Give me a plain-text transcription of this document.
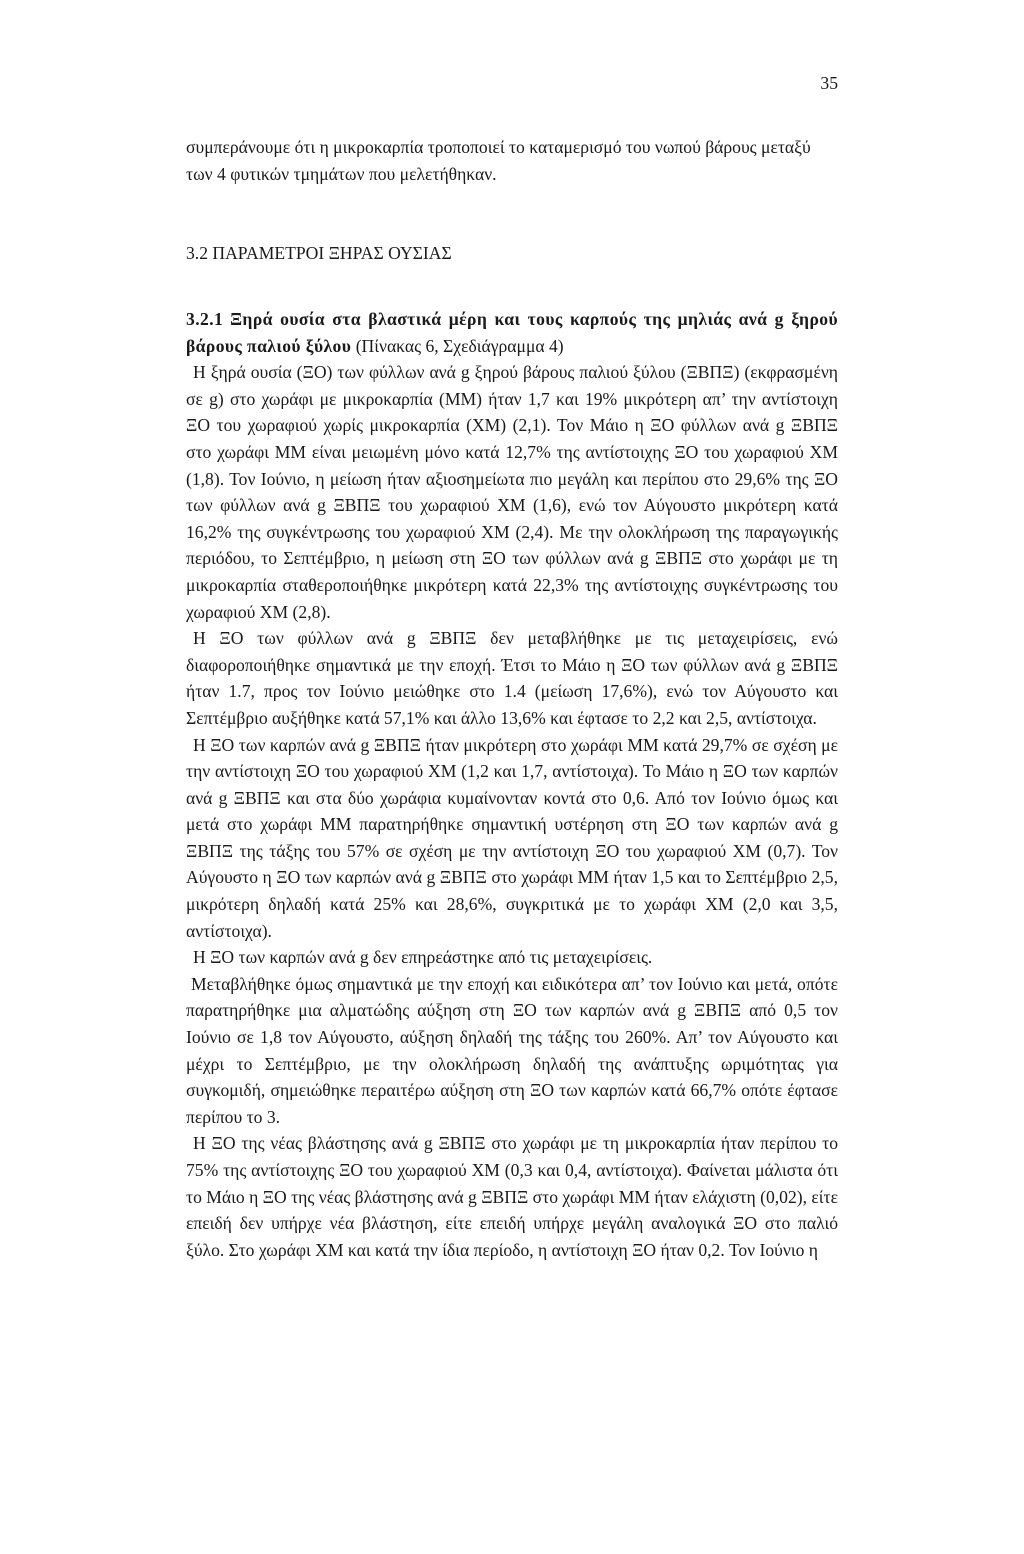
35

συμπεράνουμε ότι η μικροκαρπία τροποποιεί το καταμερισμό του νωπού βάρους μεταξύ των 4 φυτικών τμημάτων που μελετήθηκαν.

3.2 ΠΑΡΑΜΕΤΡΟΙ ΞΗΡΑΣ ΟΥΣΙΑΣ

3.2.1 Ξηρά ουσία στα βλαστικά μέρη και τους καρπούς της μηλιάς ανά g ξηρού βάρους παλιού ξύλου (Πίνακας 6, Σχεδιάγραμμα 4)

Η ξηρά ουσία (ΞΟ) των φύλλων ανά g ξηρού βάρους παλιού ξύλου (ΞΒΠΞ) (εκφρασμένη σε g) στο χωράφι με μικροκαρπία (ΜΜ) ήταν 1,7 και 19% μικρότερη απ’ την αντίστοιχη ΞΟ του χωραφιού χωρίς μικροκαρπία (ΧΜ) (2,1). Τον Μάιο η ΞΟ φύλλων ανά g ΞΒΠΞ στο χωράφι ΜΜ είναι μειωμένη μόνο κατά 12,7% της αντίστοιχης ΞΟ του χωραφιού ΧΜ (1,8). Τον Ιούνιο, η μείωση ήταν αξιοσημείωτα πιο μεγάλη και περίπου στο 29,6% της ΞΟ των φύλλων ανά g ΞΒΠΞ του χωραφιού ΧΜ (1,6), ενώ τον Αύγουστο μικρότερη κατά 16,2% της συγκέντρωσης του χωραφιού ΧΜ (2,4). Με την ολοκλήρωση της παραγωγικής περιόδου, το Σεπτέμβριο, η μείωση στη ΞΟ των φύλλων ανά g ΞΒΠΞ στο χωράφι με τη μικροκαρπία σταθεροποιήθηκε μικρότερη κατά 22,3% της αντίστοιχης συγκέντρωσης του χωραφιού ΧΜ (2,8).

Η ΞΟ των φύλλων ανά g ΞΒΠΞ δεν μεταβλήθηκε με τις μεταχειρίσεις, ενώ διαφοροποιήθηκε σημαντικά με την εποχή. Έτσι το Μάιο η ΞΟ των φύλλων ανά g ΞΒΠΞ ήταν 1.7, προς τον Ιούνιο μειώθηκε στο 1.4 (μείωση 17,6%), ενώ τον Αύγουστο και Σεπτέμβριο αυξήθηκε κατά 57,1% και άλλο 13,6% και έφτασε το 2,2 και 2,5, αντίστοιχα.

Η ΞΟ των καρπών ανά g ΞΒΠΞ ήταν μικρότερη στο χωράφι ΜΜ κατά 29,7% σε σχέση με την αντίστοιχη ΞΟ του χωραφιού ΧΜ (1,2 και 1,7, αντίστοιχα). Το Μάιο η ΞΟ των καρπών ανά g ΞΒΠΞ και στα δύο χωράφια κυμαίνονταν κοντά στο 0,6. Από τον Ιούνιο όμως και μετά στο χωράφι ΜΜ παρατηρήθηκε σημαντική υστέρηση στη ΞΟ των καρπών ανά g ΞΒΠΞ της τάξης του 57% σε σχέση με την αντίστοιχη ΞΟ του χωραφιού ΧΜ (0,7). Τον Αύγουστο η ΞΟ των καρπών ανά g ΞΒΠΞ στο χωράφι ΜΜ ήταν 1,5 και το Σεπτέμβριο 2,5, μικρότερη δηλαδή κατά 25% και 28,6%, συγκριτικά με το χωράφι ΧΜ (2,0 και 3,5, αντίστοιχα).

Η ΞΟ των καρπών ανά g δεν επηρεάστηκε από τις μεταχειρίσεις.

Μεταβλήθηκε όμως σημαντικά με την εποχή και ειδικότερα απ’ τον Ιούνιο και μετά, οπότε παρατηρήθηκε μια αλματώδης αύξηση στη ΞΟ των καρπών ανά g ΞΒΠΞ από 0,5 τον Ιούνιο σε 1,8 τον Αύγουστο, αύξηση δηλαδή της τάξης του 260%. Απ’ τον Αύγουστο και μέχρι το Σεπτέμβριο, με την ολοκλήρωση δηλαδή της ανάπτυξης ωριμότητας για συγκομιδή, σημειώθηκε περαιτέρω αύξηση στη ΞΟ των καρπών κατά 66,7% οπότε έφτασε περίπου το 3.

Η ΞΟ της νέας βλάστησης ανά g ΞΒΠΞ στο χωράφι με τη μικροκαρπία ήταν περίπου το 75% της αντίστοιχης ΞΟ του χωραφιού ΧΜ (0,3 και 0,4, αντίστοιχα). Φαίνεται μάλιστα ότι το Μάιο η ΞΟ της νέας βλάστησης ανά g ΞΒΠΞ στο χωράφι ΜΜ ήταν ελάχιστη (0,02), είτε επειδή δεν υπήρχε νέα βλάστηση, είτε επειδή υπήρχε μεγάλη αναλογικά ΞΟ στο παλιό ξύλο. Στο χωράφι ΧΜ και κατά την ίδια περίοδο, η αντίστοιχη ΞΟ ήταν 0,2. Τον Ιούνιο η
